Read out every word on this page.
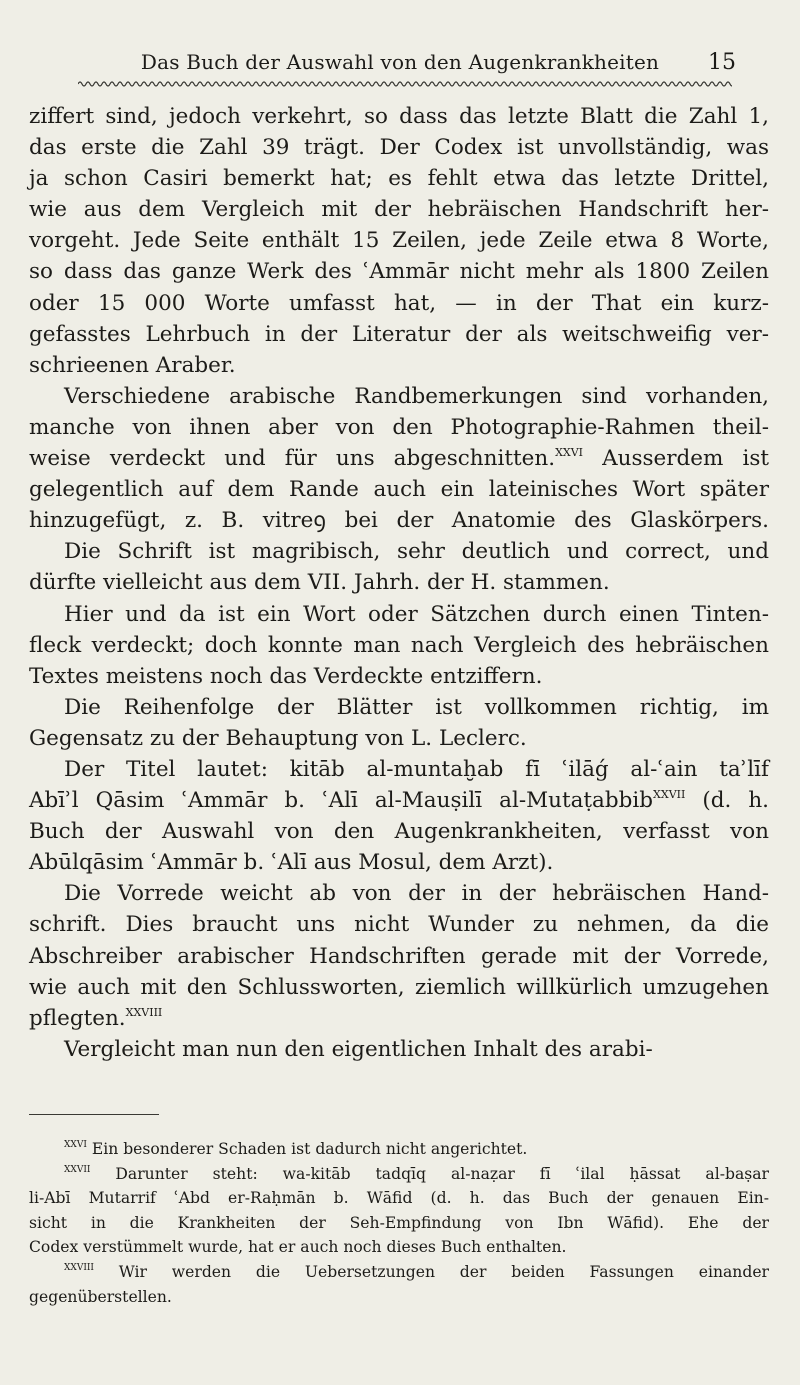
Das Buch der Auswahl von den Augenkrankheiten	15
ziffert sind, jedoch verkehrt, so dass das letzte Blatt die Zahl 1,
das erste die Zahl 39 trägt. Der Codex ist unvollständig, was
ja schon Casiri bemerkt hat; es fehlt etwa das letzte Drittel,
wie aus dem Vergleich mit der hebräischen Handschrift her-
vorgeht. Jede Seite enthält 15 Zeilen, jede Zeile etwa 8 Worte,
so dass das ganze Werk des ʿAmmār nicht mehr als 1800 Zeilen
oder 15 000 Worte umfasst hat, — in der That ein kurz-
gefasstes Lehrbuch in der Literatur der als weitschweifig ver-
schrieenen Araber.
Verschiedene arabische Randbemerkungen sind vorhanden,
manche von ihnen aber von den Photographie-Rahmen theil-
weise verdeckt und für uns abgeschnitten.$^{XXVI}$ Ausserdem ist
gelegentlich auf dem Rande auch ein lateinisches Wort später
hinzugefügt, z. B. vitreꝯ bei der Anatomie des Glaskörpers.
Die Schrift ist magribisch, sehr deutlich und correct, und
dürfte vielleicht aus dem VII. Jahrh. der H. stammen.
Hier und da ist ein Wort oder Sätzchen durch einen Tinten-
fleck verdeckt; doch konnte man nach Vergleich des hebräischen
Textes meistens noch das Verdeckte entziffern.
Die Reihenfolge der Blätter ist vollkommen richtig, im
Gegensatz zu der Behauptung von L. Leclerc.
Der Titel lautet: kitāb al-muntaḫab fī ʿilāǵ al-ʿain taʾlīf
Abīʾl Qāsim ʿAmmār b. ʿAlī al-Mauṣilī al-Mutaṭabbib$^{XXVII}$ (d. h.
Buch der Auswahl von den Augenkrankheiten, verfasst von
Abūlqāsim ʿAmmār b. ʿAlī aus Mosul, dem Arzt).
Die Vorrede weicht ab von der in der hebräischen Hand-
schrift. Dies braucht uns nicht Wunder zu nehmen, da die
Abschreiber arabischer Handschriften gerade mit der Vorrede,
wie auch mit den Schlussworten, ziemlich willkürlich umzugehen
pflegten.$^{XXVIII}$
Vergleicht man nun den eigentlichen Inhalt des arabi-
$^{XXVI}$ Ein besonderer Schaden ist dadurch nicht angerichtet.
$^{XXVII}$ Darunter steht: wa-kitāb tadqīq al-naẓar fī ʿilal ḥāssat al-baṣar
li-Abī Mutarrif ʿAbd er-Raḥmān b. Wāfid (d. h. das Buch der genauen Ein-
sicht in die Krankheiten der Seh-Empfindung von Ibn Wāfid). Ehe der
Codex verstümmelt wurde, hat er auch noch dieses Buch enthalten.
$^{XXVIII}$ Wir werden die Uebersetzungen der beiden Fassungen einander
gegenüberstellen.
